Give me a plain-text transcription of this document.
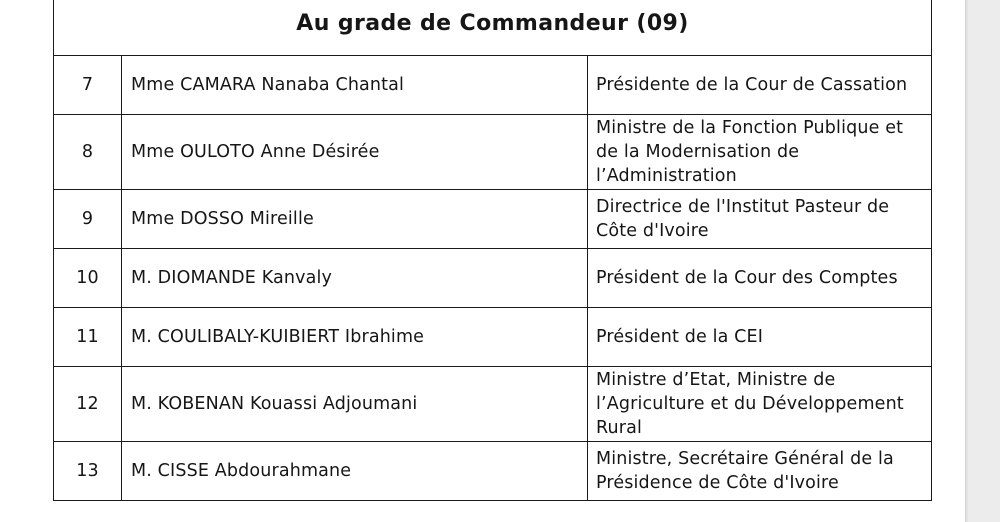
Au grade de Commandeur (09)		
7	Mme CAMARA Nanaba Chantal	Présidente de la Cour de Cassation

8	Mme OULOTO Anne Désirée	Ministre de la Fonction Publique et
de la Modernisation de
l’Administration

9	Mme DOSSO Mireille	Directrice de l'Institut Pasteur de
Côte d'Ivoire

10	M. DIOMANDE Kanvaly	Président de la Cour des Comptes

11	M. COULIBALY-KUIBIERT Ibrahime	Président de la CEI

12	M. KOBENAN Kouassi Adjoumani	Ministre d’Etat, Ministre de
l’Agriculture et du Développement
Rural

13	M. CISSE Abdourahmane	Ministre, Secrétaire Général de la
Présidence de Côte d'Ivoire
